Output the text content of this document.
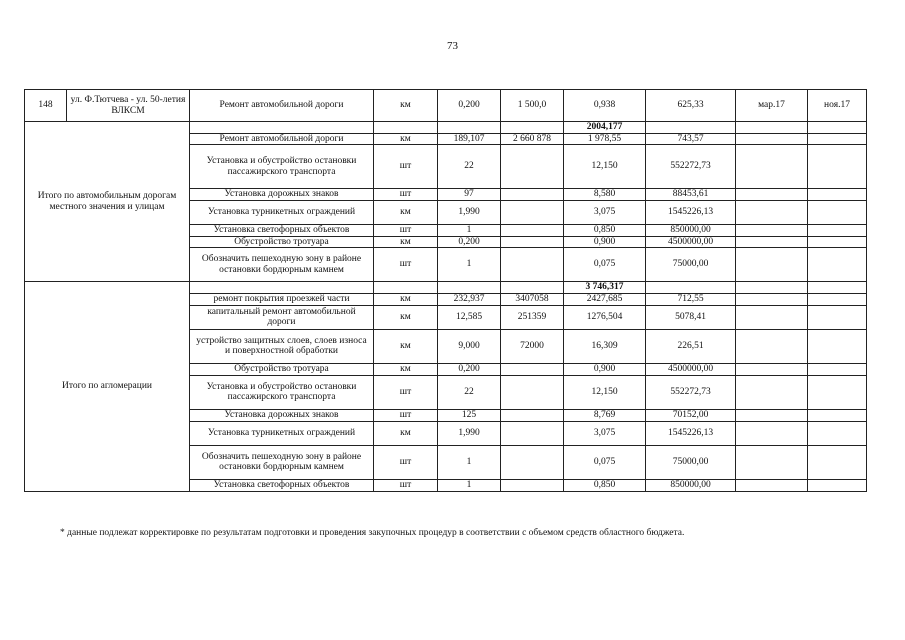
73
148	ул. Ф.Тютчева - ул. 50-летия ВЛКСМ	Ремонт автомобильной дороги	км	0,200	1 500,0	0,938	625,33	мар.17	ноя.17
Итого по автомобильным дорогам местного значения и улицам						2004,177			
		Ремонт автомобильной дороги	км	189,107	2 660 878	1 978,55	743,57		
		Установка и обустройство остановки пассажирского транспорта	шт	22		12,150	552272,73		
		Установка дорожных знаков	шт	97		8,580	88453,61		
		Установка турникетных ограждений	км	1,990		3,075	1545226,13		
		Установка светофорных объектов	шт	1		0,850	850000,00		
		Обустройство тротуара	км	0,200		0,900	4500000,00		
		Обозначить пешеходную зону в районе остановки бордюрным камнем	шт	1		0,075	75000,00		
Итого по агломерации						3 746,317			
		ремонт покрытия проезжей части	км	232,937	3407058	2427,685	712,55		
		капитальный ремонт автомобильной дороги	км	12,585	251359	1276,504	5078,41		
		устройство защитных слоев, слоев износа и поверхностной обработки	км	9,000	72000	16,309	226,51		
		Обустройство тротуара	км	0,200		0,900	4500000,00		
		Установка и обустройство остановки пассажирского транспорта	шт	22		12,150	552272,73		
		Установка дорожных знаков	шт	125		8,769	70152,00		
		Установка турникетных ограждений	км	1,990		3,075	1545226,13		
		Обозначить пешеходную зону в районе остановки бордюрным камнем	шт	1		0,075	75000,00		
		Установка светофорных объектов	шт	1		0,850	850000,00		
* данные подлежат корректировке по результатам подготовки и проведения закупочных процедур в соответствии с объемом средств областного бюджета.
